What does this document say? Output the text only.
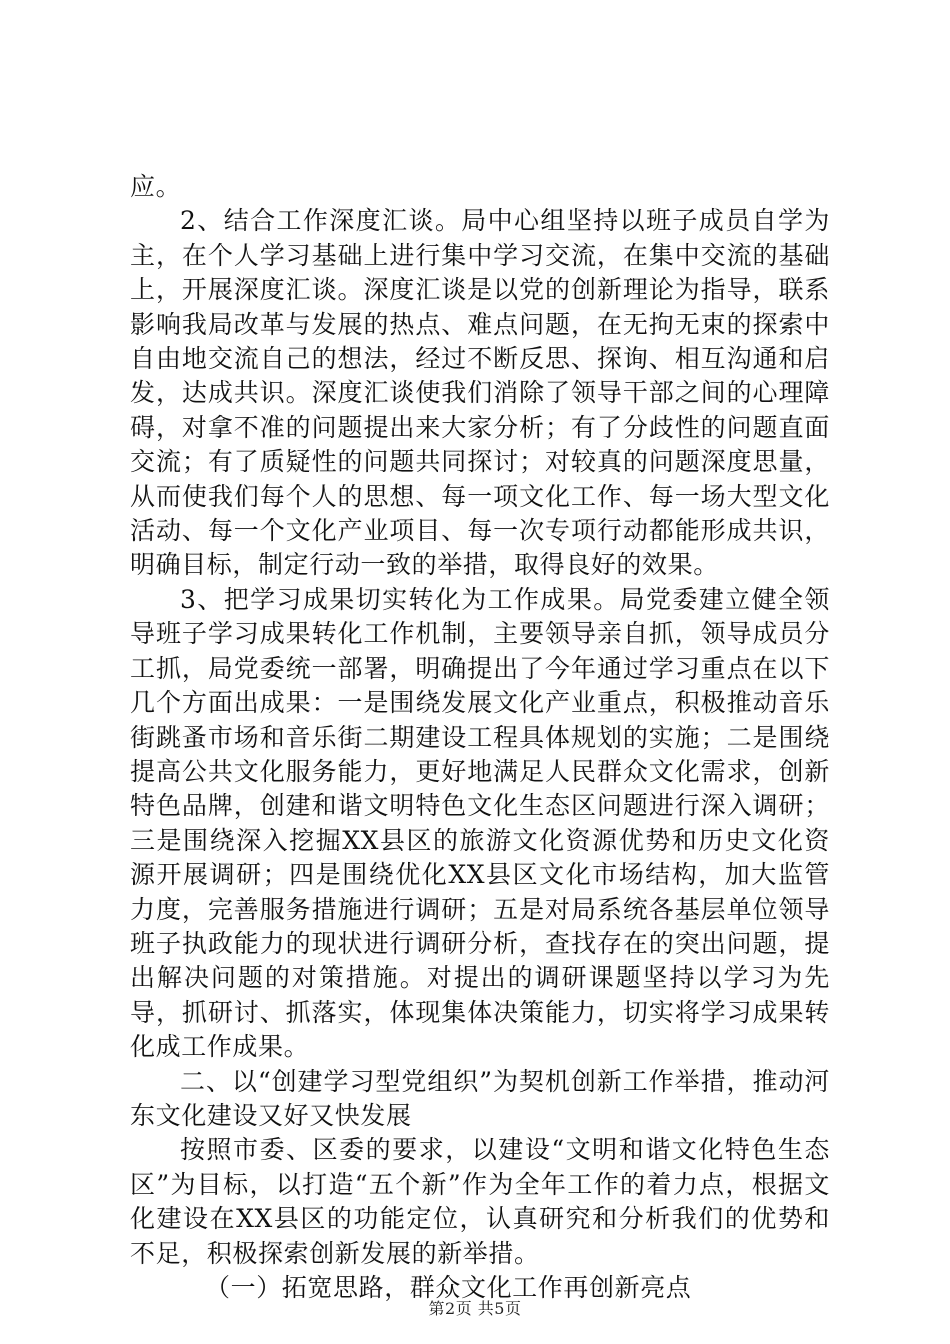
应。

2、结合工作深度汇谈。局中心组坚持以班子成员自学为主，在个人学习基础上进行集中学习交流，在集中交流的基础上，开展深度汇谈。深度汇谈是以党的创新理论为指导，联系影响我局改革与发展的热点、难点问题，在无拘无束的探索中自由地交流自己的想法，经过不断反思、探询、相互沟通和启发，达成共识。深度汇谈使我们消除了领导干部之间的心理障碍，对拿不准的问题提出来大家分析；有了分歧性的问题直面交流；有了质疑性的问题共同探讨；对较真的问题深度思量，从而使我们每个人的思想、每一项文化工作、每一场大型文化活动、每一个文化产业项目、每一次专项行动都能形成共识，明确目标，制定行动一致的举措，取得良好的效果。

3、把学习成果切实转化为工作成果。局党委建立健全领导班子学习成果转化工作机制，主要领导亲自抓，领导成员分工抓，局党委统一部署，明确提出了今年通过学习重点在以下几个方面出成果：一是围绕发展文化产业重点，积极推动音乐街跳蚤市场和音乐街二期建设工程具体规划的实施；二是围绕提高公共文化服务能力，更好地满足人民群众文化需求，创新特色品牌，创建和谐文明特色文化生态区问题进行深入调研；三是围绕深入挖掘XX县区的旅游文化资源优势和历史文化资源开展调研；四是围绕优化XX县区文化市场结构，加大监管力度，完善服务措施进行调研；五是对局系统各基层单位领导班子执政能力的现状进行调研分析，查找存在的突出问题，提出解决问题的对策措施。对提出的调研课题坚持以学习为先导，抓研讨、抓落实，体现集体决策能力，切实将学习成果转化成工作成果。

二、以“创建学习型党组织”为契机创新工作举措，推动河东文化建设又好又快发展

按照市委、区委的要求，以建设“文明和谐文化特色生态区”为目标，以打造“五个新”作为全年工作的着力点，根据文化建设在XX县区的功能定位，认真研究和分析我们的优势和不足，积极探索创新发展的新举措。

（一）拓宽思路，群众文化工作再创新亮点

第2页 共5页
